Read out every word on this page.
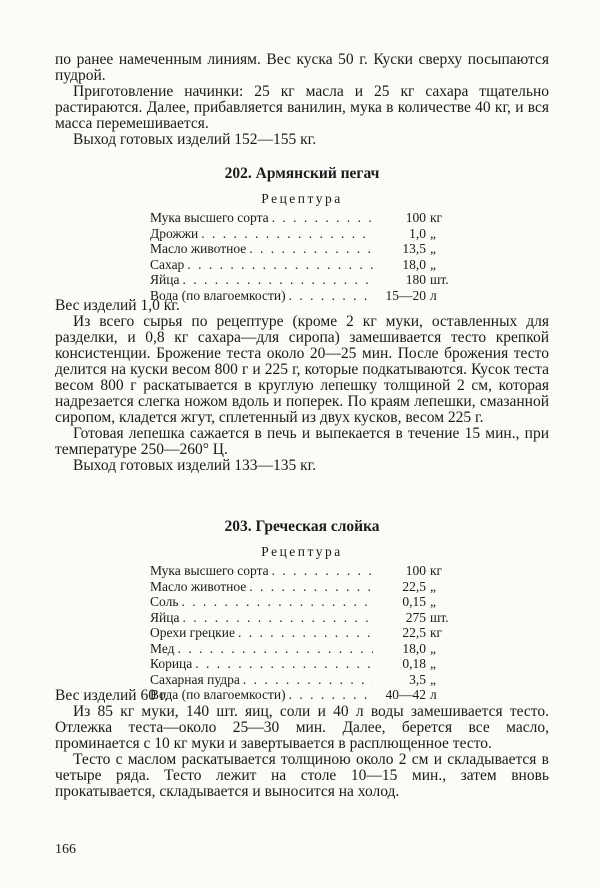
по ранее намеченным линиям. Вес куска 50 г. Куски сверху посыпаются пудрой.

Приготовление начинки: 25 кг масла и 25 кг сахара тщательно растираются. Далее, прибавляется ванилин, мука в количестве 40 кг, и вся масса перемешивается.

Выход готовых изделий 152—155 кг.

202. Армянский пегач
Рецептура
Мука высшего сорта . . .	100 кг
Дрожжи . . .	1,0 „
Масло животное . . .	13,5 „
Сахар . . .	18,0 „
Яйца . . .	180 шт.
Вода (по влагоемкости) . . .	15—20 л

Вес изделий 1,0 кг.

Из всего сырья по рецептуре (кроме 2 кг муки, оставленных для разделки, и 0,8 кг сахара—для сиропа) замешивается тесто крепкой консистенции. Брожение теста около 20—25 мин. После брожения тесто делится на куски весом 800 г и 225 г, которые подкатываются. Кусок теста весом 800 г раскатывается в круглую лепешку толщиной 2 см, которая надрезается слегка ножом вдоль и поперек. По краям лепешки, смазанной сиропом, кладется жгут, сплетенный из двух кусков, весом 225 г.

Готовая лепешка сажается в печь и выпекается в течение 15 мин., при температуре 250—260° Ц.

Выход готовых изделий 133—135 кг.

203. Греческая слойка
Рецептура
Мука высшего сорта . . .	100 кг
Масло животное . . .	22,5 „
Соль . . .	0,15 „
Яйца . . .	275 шт.
Орехи грецкие . . .	22,5 кг
Мед . . .	18,0 „
Корица . . .	0,18 „
Сахарная пудра . . .	3,5 „
Вода (по влагоемкости) . . .	40—42 л

Вес изделий 60 г.

Из 85 кг муки, 140 шт. яиц, соли и 40 л воды замешивается тесто. Отлежка теста—около 25—30 мин. Далее, берется все масло, проминается с 10 кг муки и завертывается в расплющенное тесто.

Тесто с маслом раскатывается толщиною около 2 см и складывается в четыре ряда. Тесто лежит на столе 10—15 мин., затем вновь прокатывается, складывается и выносится на холод.

166
